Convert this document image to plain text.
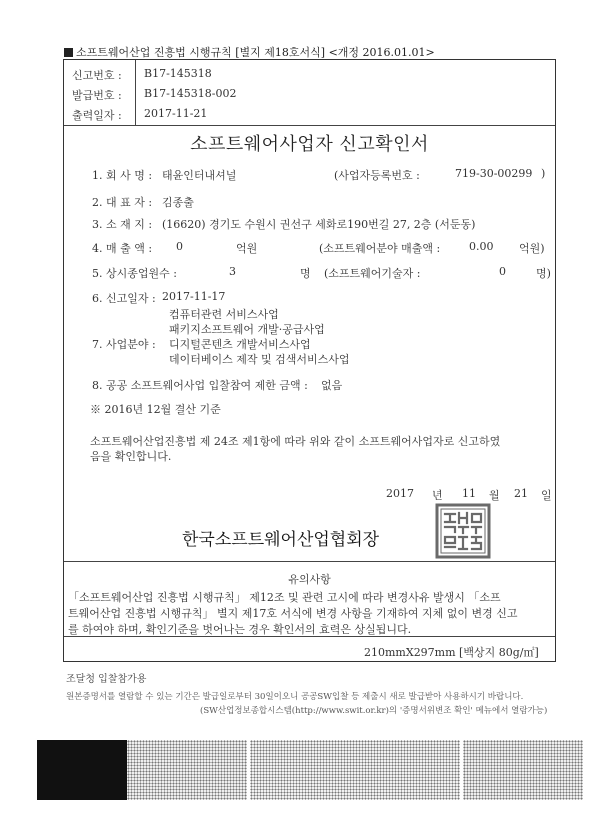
소프트웨어산업 진흥법 시행규칙 [별지 제18호서식] <개정 2016.01.01>
신고번호 : B17-145318
발급번호 : B17-145318-002
출력일자 : 2017-11-21
소프트웨어사업자 신고확인서
1. 회 사 명 : 태윤인터내셔널	(사업자등록번호 :	719-30-00299 )
2. 대 표 자 : 김종출
3. 소 재 지 : (16620) 경기도 수원시 권선구 세화로190번길 27, 2층 (서둔동)
4. 매 출 액 : 0	억원	(소프트웨어분야 매출액 :	0.00 억원)
5. 상시종업원수 :	3	명 (소프트웨어기술자 :	0	명)
6. 신고일자 : 2017-11-17
7. 사업분야 :
컴퓨터관련 서비스사업
패키지소프트웨어 개발·공급사업
디지털콘텐츠 개발서비스사업
데이터베이스 제작 및 검색서비스사업
8. 공공 소프트웨어사업 입찰참여 제한 금액 : 없음
※ 2016년 12월 결산 기준
소프트웨어산업진흥법 제 24조 제1항에 따라 위와 같이 소프트웨어사업자로 신고하였
음을 확인합니다.
2017 년 11 월 21 일
한국소프트웨어산업협회장
유의사항
「소프트웨어산업 진흥법 시행규칙」 제12조 및 관련 고시에 따라 변경사유 발생시 「소프
트웨어산업 진흥법 시행규칙」 별지 제17호 서식에 변경 사항을 기재하여 지체 없이 변경 신고
를 하여야 하며, 확인기준을 벗어나는 경우 확인서의 효력은 상실됩니다.
210mmX297mm [백상지 80g/㎡]
조달청 입찰참가용
원본증명서를 열람할 수 있는 기간은 발급일로부터 30일이오니 공공SW입찰 등 제출시 새로 발급받아 사용하시기 바랍니다.
(SW산업정보종합시스템(http://www.swit.or.kr)의 '증명서위변조 확인' 메뉴에서 열람가능)
